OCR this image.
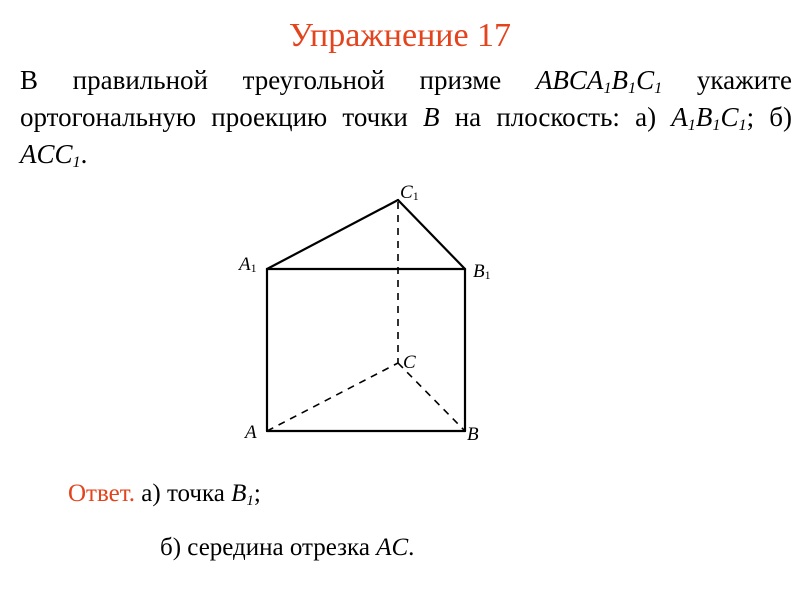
Упражнение 17
В правильной треугольной призме $ABCA_1B_1C_1$ укажите ортогональную проекцию точки B на плоскость: а) $A_1B_1C_1$; б) $ACC_1$.
C1
A1	B1
C
A	B
Ответ. а) точка $B_1$;
б) середина отрезка AC.
